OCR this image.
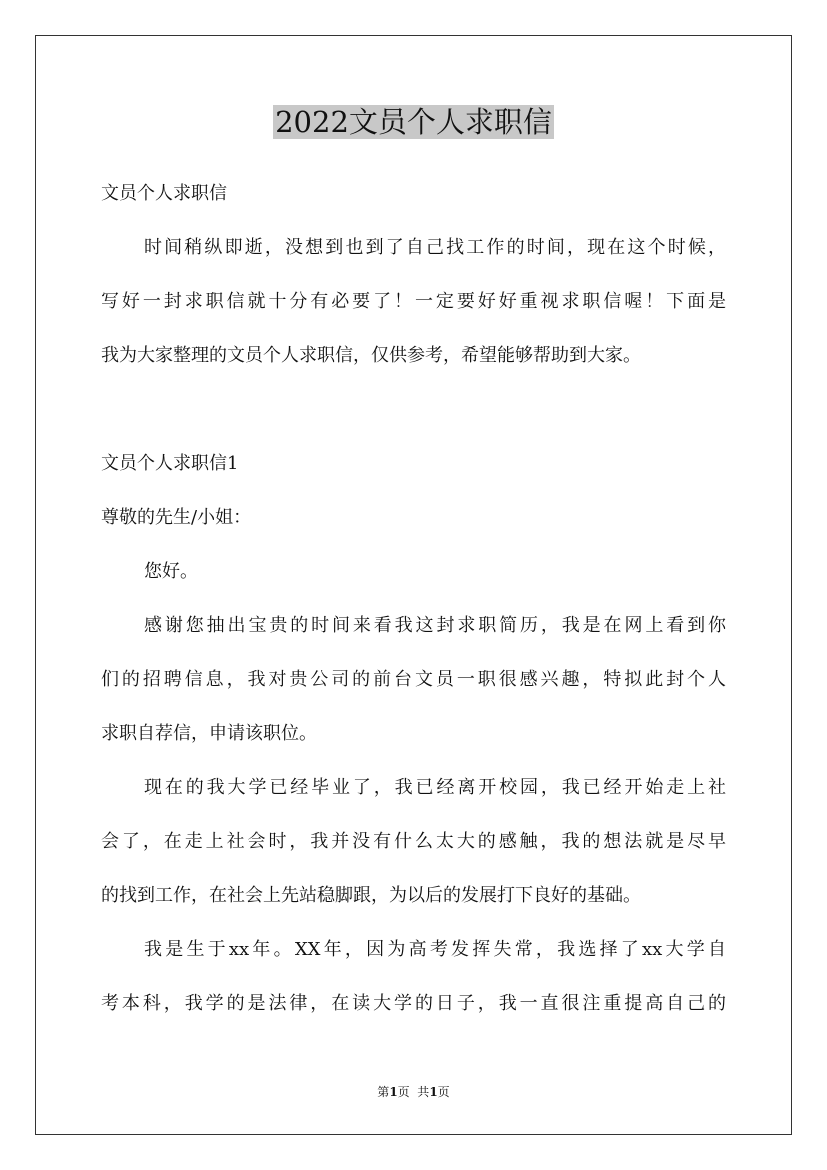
2022文员个人求职信
文员个人求职信
时间稍纵即逝，没想到也到了自己找工作的时间，现在这个时候，
写好一封求职信就十分有必要了！一定要好好重视求职信喔！下面是
我为大家整理的文员个人求职信，仅供参考，希望能够帮助到大家。
文员个人求职信1
尊敬的先生/小姐：
您好。
感谢您抽出宝贵的时间来看我这封求职简历，我是在网上看到你
们的招聘信息，我对贵公司的前台文员一职很感兴趣，特拟此封个人
求职自荐信，申请该职位。
现在的我大学已经毕业了，我已经离开校园，我已经开始走上社
会了，在走上社会时，我并没有什么太大的感触，我的想法就是尽早
的找到工作，在社会上先站稳脚跟，为以后的发展打下良好的基础。
我是生于xx年。XX年，因为高考发挥失常，我选择了xx大学自
考本科，我学的是法律，在读大学的日子，我一直很注重提高自己的
第1页  共1页
